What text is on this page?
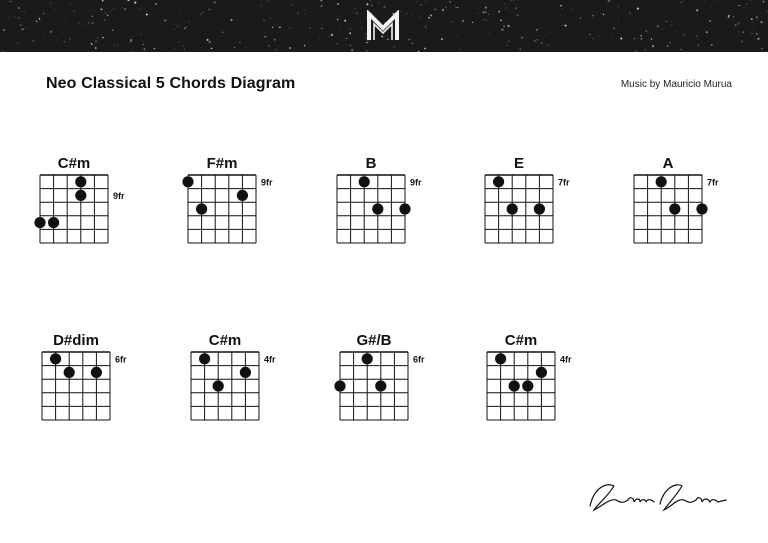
Neo Classical 5 Chords Diagram	Music by Mauricio Murua
C#m
9fr
F#m
9fr
B
9fr
E
7fr
A
7fr
D#dim
6fr
C#m
4fr
G#/B
6fr
C#m
4fr
